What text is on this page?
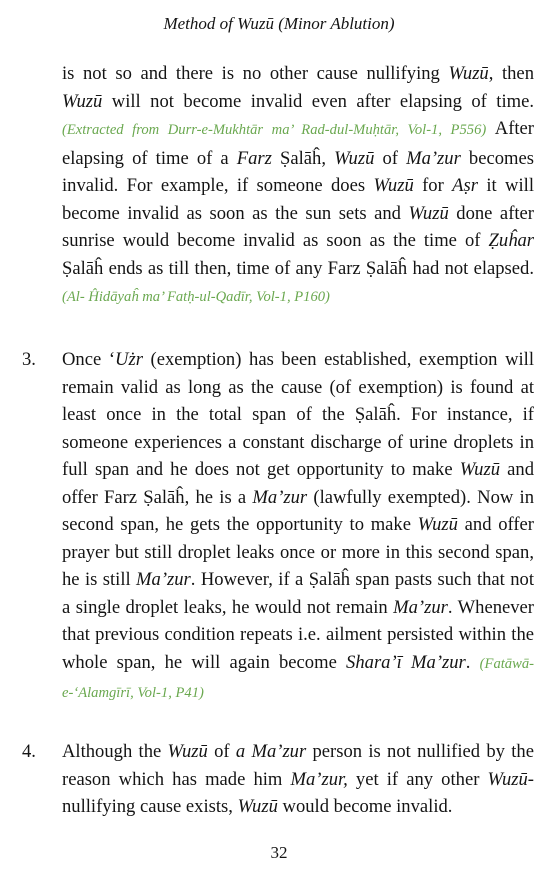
Method of Wuzū (Minor Ablution)
is not so and there is no other cause nullifying Wuzū, then Wuzū will not become invalid even after elapsing of time. (Extracted from Durr-e-Mukhtār ma’ Rad-dul-Muḥtār, Vol-1, P556) After elapsing of time of a Farz Ṣalāĥ, Wuzū of Ma’zur becomes invalid. For example, if someone does Wuzū for Aṣr it will become invalid as soon as the sun sets and Wuzū done after sunrise would become invalid as soon as the time of Ẓuĥar Ṣalāĥ ends as till then, time of any Farz Ṣalāĥ had not elapsed. (Al- Ĥidāyaĥ ma’ Fatḥ-ul-Qadīr, Vol-1, P160)
3. Once ‘Użr (exemption) has been established, exemption will remain valid as long as the cause (of exemption) is found at least once in the total span of the Ṣalāĥ. For instance, if someone experiences a constant discharge of urine droplets in full span and he does not get opportunity to make Wuzū and offer Farz Ṣalāĥ, he is a Ma’zur (lawfully exempted). Now in second span, he gets the opportunity to make Wuzū and offer prayer but still droplet leaks once or more in this second span, he is still Ma’zur. However, if a Ṣalāĥ span pasts such that not a single droplet leaks, he would not remain Ma’zur. Whenever that previous condition repeats i.e. ailment persisted within the whole span, he will again become Shara’ī Ma’zur. (Fatāwā-e-‘Alamgīrī, Vol-1, P41)
4. Although the Wuzū of a Ma’zur person is not nullified by the reason which has made him Ma’zur, yet if any other Wuzū-nullifying cause exists, Wuzū would become invalid.
32
